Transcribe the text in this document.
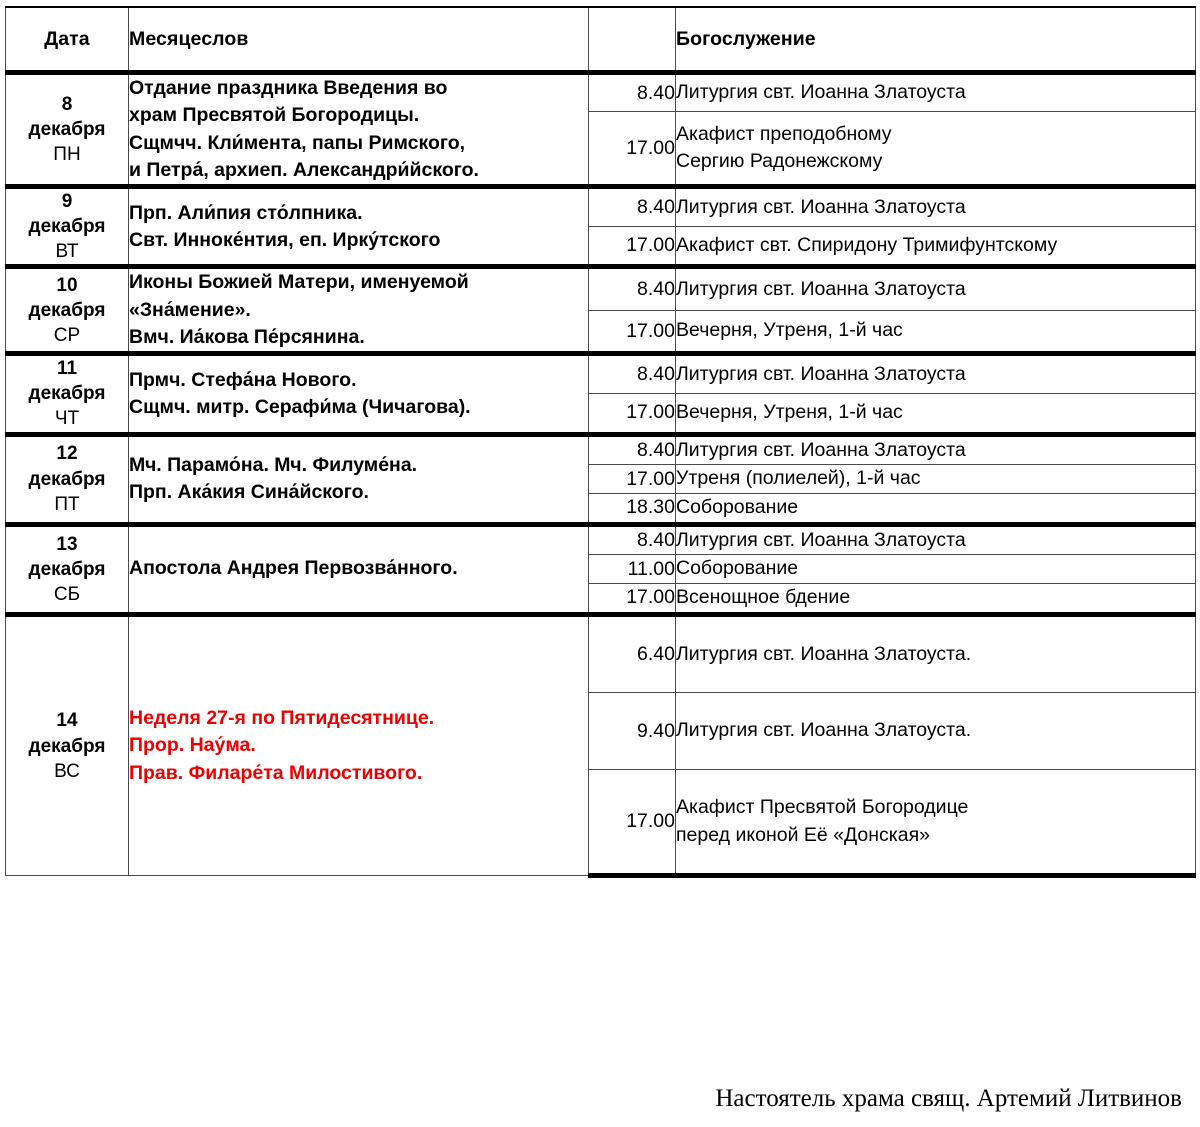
Дата	Месяцеслов		Богослужение

8
декабря
ПН	Отдание праздника Введения во
храм Пресвятой Богородицы.
Сщмчч. Кли́мента, папы Римского,
и Петра́, архиеп. Александри́йского.	8.40	Литургия свт. Иоанна Златоуста

		17.00	Акафист преподобному
Сергию Радонежскому

9
декабря
ВТ	Прп. Али́пия сто́лпника.
Свт. Инноке́нтия, еп. Ирку́тского	8.40	Литургия свт. Иоанна Златоуста

		17.00	Акафист свт. Спиридону Тримифунтскому

10
декабря
СР	Иконы Божией Матери, именуемой
«Зна́мение».
Вмч. Иа́кова Пе́рсянина.	8.40	Литургия свт. Иоанна Златоуста

		17.00	Вечерня, Утреня, 1-й час

11
декабря
ЧТ	Прмч. Стефа́на Нового.
Сщмч. митр. Серафи́ма (Чичагова).	8.40	Литургия свт. Иоанна Златоуста

		17.00	Вечерня, Утреня, 1-й час

12
декабря
ПТ	Мч. Парамо́на. Мч. Филуме́на.
Прп. Ака́кия Сина́йского.	8.40	Литургия свт. Иоанна Златоуста

		17.00	Утреня (полиелей), 1-й час

		18.30	Соборование

13
декабря
СБ	Апостола Андрея Первозва́нного.	8.40	Литургия свт. Иоанна Златоуста

		11.00	Соборование

		17.00	Всенощное бдение

14
декабря
ВС	Неделя 27-я по Пятидесятнице.
Прор. Нау́ма.
Прав. Филаре́та Милостивого.	6.40	Литургия свт. Иоанна Златоуста.

		9.40	Литургия свт. Иоанна Златоуста.

		17.00	Акафист Пресвятой Богородице
перед иконой Её «Донская»
Настоятель храма свящ. Артемий Литвинов
